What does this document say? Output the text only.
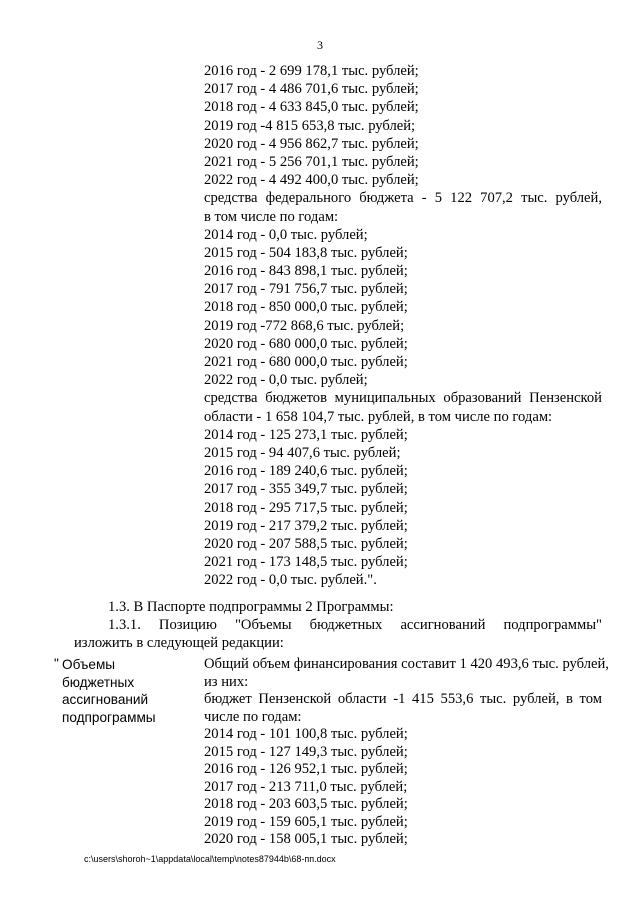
3
2016 год - 2 699 178,1 тыс. рублей;
2017 год - 4 486 701,6 тыс. рублей;
2018 год - 4 633 845,0 тыс. рублей;
2019 год -4 815 653,8 тыс. рублей;
2020 год - 4 956 862,7 тыс. рублей;
2021 год - 5 256 701,1 тыс. рублей;
2022 год - 4 492 400,0 тыс. рублей;
средства федерального бюджета - 5 122 707,2 тыс. рублей,
в том числе по годам:
2014 год - 0,0 тыс. рублей;
2015 год - 504 183,8 тыс. рублей;
2016 год - 843 898,1 тыс. рублей;
2017 год - 791 756,7 тыс. рублей;
2018 год - 850 000,0 тыс. рублей;
2019 год -772 868,6 тыс. рублей;
2020 год - 680 000,0 тыс. рублей;
2021 год - 680 000,0 тыс. рублей;
2022 год - 0,0 тыс. рублей;
средства бюджетов муниципальных образований Пензенской
области - 1 658 104,7 тыс. рублей, в том числе по годам:
2014 год - 125 273,1 тыс. рублей;
2015 год - 94 407,6 тыс. рублей;
2016 год - 189 240,6 тыс. рублей;
2017 год - 355 349,7 тыс. рублей;
2018 год - 295 717,5 тыс. рублей;
2019 год - 217 379,2 тыс. рублей;
2020 год - 207 588,5 тыс. рублей;
2021 год - 173 148,5 тыс. рублей;
2022 год - 0,0 тыс. рублей.".
1.3. В Паспорте подпрограммы 2 Программы:
1.3.1. Позицию "Объемы бюджетных ассигнований подпрограммы"
изложить в следующей редакции:
" Объемы
бюджетных
ассигнований
подпрограммы
Общий объем финансирования составит 1 420 493,6 тыс. рублей,
из них:
бюджет Пензенской области -1 415 553,6 тыс. рублей, в том
числе по годам:
2014 год - 101 100,8 тыс. рублей;
2015 год - 127 149,3 тыс. рублей;
2016 год - 126 952,1 тыс. рублей;
2017 год - 213 711,0 тыс. рублей;
2018 год - 203 603,5 тыс. рублей;
2019 год - 159 605,1 тыс. рублей;
2020 год - 158 005,1 тыс. рублей;
c:\users\shoroh~1\appdata\local\temp\notes87944b\68-пп.docx
